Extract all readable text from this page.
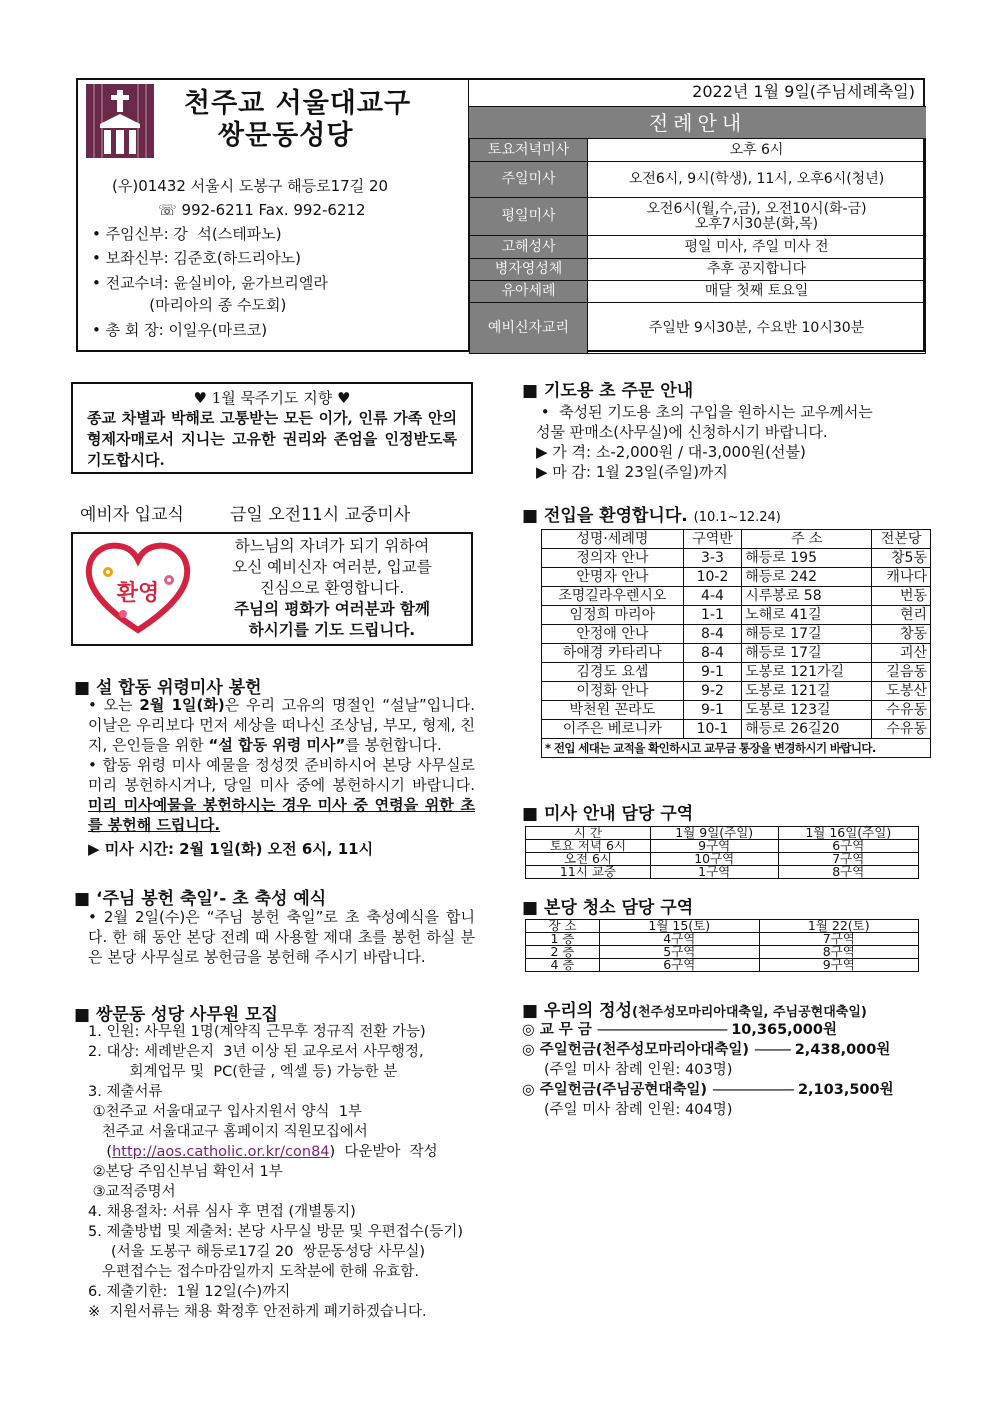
천주교 서울대교구
쌍문동성당
(우)01432 서울시 도봉구 해등로17길 20
☏ 992-6211 Fax. 992-6212
• 주임신부: 강  석(스테파노)
• 보좌신부: 김준호(하드리아노)
• 전교수녀: 윤실비아, 윤가브리엘라
(마리아의 종 수도회)
• 총 회 장: 이일우(마르코)
2022년 1월 9일(주님세례축일)
전례안내
토요저녁미사	오후 6시
주일미사	오전6시, 9시(학생), 11시, 오후6시(청년)
평일미사	오전6시(월,수,금), 오전10시(화-금)
오후7시30분(화,목)
고해성사	평일 미사, 주일 미사 전
병자영성체	추후 공지합니다
유아세례	매달 첫째 토요일
예비신자교리	주일반 9시30분, 수요반 10시30분
♥ 1월 묵주기도 지향 ♥
종교 차별과 박해로 고통받는 모든 이가, 인류 가족 안의 형제자매로서 지니는 고유한 권리와 존엄을 인정받도록 기도합시다.
예비자 입교식	금일 오전11시 교중미사
환영
하느님의 자녀가 되기 위하여
오신 예비신자 여러분, 입교를
진심으로 환영합니다.
주님의 평화가 여러분과 함께
하시기를 기도 드립니다.
■ 설 합동 위령미사 봉헌

• 오는 2월 1일(화)은 우리 고유의 명절인 “설날”입니다. 이날은 우리보다 먼저 세상을 떠나신 조상님, 부모, 형제, 친지, 은인들을 위한 “설 합동 위령 미사”를 봉헌합니다.

• 합동 위령 미사 예물을 정성껏 준비하시어 본당 사무실로 미리 봉헌하시거나, 당일 미사 중에 봉헌하시기 바랍니다. 미리 미사예물을 봉헌하시는 경우 미사 중 연령을 위한 초를 봉헌해 드립니다.

▶ 미사 시간: 2월 1일(화) 오전 6시, 11시

■ ‘주님 봉헌 축일’- 초 축성 예식

• 2월 2일(수)은 “주님 봉헌 축일”로 초 축성예식을 합니다. 한 해 동안 본당 전례 때 사용할 제대 초를 봉헌 하실 분은 본당 사무실로 봉헌금을 봉헌해 주시기 바랍니다.

■ 쌍문동 성당 사무원 모집
1. 인원: 사무원 1명(계약직 근무후 정규직 전환 가능)
2. 대상: 세례받은지  3년 이상 된 교우로서 사무행정,
회계업무 및  PC(한글 , 엑셀 등) 가능한 분
3. 제출서류
①천주교 서울대교구 입사지원서 양식  1부
천주교 서울대교구 홈페이지 직원모집에서
(http://aos.catholic.or.kr/con84)  다운받아  작성
②본당 주임신부님 확인서 1부
③교적증명서
4. 채용절차: 서류 심사 후 면접 (개별통지)
5. 제출방법 및 제출처: 본당 사무실 방문 및 우편접수(등기)
(서울 도봉구 해등로17길 20  쌍문동성당 사무실)
우편접수는 접수마감일까지 도착분에 한해 유효함.
6. 제출기한:  1월 12일(수)까지
※  지원서류는 채용 확정후 안전하게 폐기하겠습니다.
■ 기도용 초 주문 안내
•  축성된 기도용 초의 구입을 원하시는 교우께서는
성물 판매소(사무실)에 신청하시기 바랍니다.
▶ 가 격: 소-2,000원 / 대-3,000원(선불)
▶ 마 감: 1월 23일(주일)까지
■ 전입을 환영합니다. (10.1~12.24)
성명·세례명	구역반	주 소	전본당
정의자 안나	3-3	해등로 195	창5동
안명자 안나	10-2	해등로 242	캐나다
조명길라우렌시오	4-4	시루봉로 58	번동
임정희 마리아	1-1	노해로 41길	현리
안정애 안나	8-4	해등로 17길	창동
하애경 카타리나	8-4	해등로 17길	괴산
김경도 요셉	9-1	도봉로 121가길	길음동
이정화 안나	9-2	도봉로 121길	도봉산
박천원 꼰라도	9-1	도봉로 123길	수유동
이주은 베로니카	10-1	해등로 26길20	수유동
* 전입 세대는 교적을 확인하시고 교무금 통장을 변경하시기 바랍니다.			
■ 미사 안내 담당 구역
시 간	1월 9일(주일)	1월 16일(주일)
토요 저녁 6시	9구역	6구역
오전 6시	10구역	7구역
11시 교중	1구역	8구역
■ 본당 청소 담당 구역
장 소	1월 15(토)	1월 22(토)
1 층	4구역	7구역
2 층	5구역	8구역
4 층	6구역	9구역
■ 우리의 정성(천주성모마리아대축일, 주님공현대축일)
◎ 교 무 금 ---------------------------------------- 10,365,000원
◎ 주일헌금(천주성모마리아대축일) ----------- 2,438,000원
(주일 미사 참례 인원: 403명)
◎ 주일헌금(주님공현대축일) ------------------------- 2,103,500원
(주일 미사 참례 인원: 404명)
